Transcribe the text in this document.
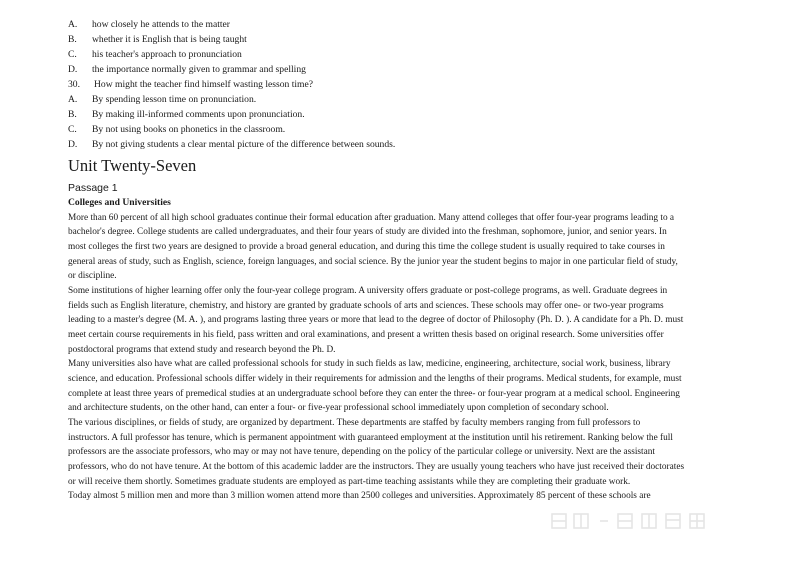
A. how closely he attends to the matter
B. whether it is English that is being taught
C. his teacher's approach to pronunciation
D. the importance normally given to grammar and spelling
30. How might the teacher find himself wasting lesson time?
A. By spending lesson time on pronunciation.
B. By making ill-informed comments upon pronunciation.
C. By not using books on phonetics in the classroom.
D. By not giving students a clear mental picture of the difference between sounds.
Unit Twenty-Seven
Passage 1
Colleges and Universities
More than 60 percent of all high school graduates continue their formal education after graduation. Many attend colleges that offer four-year programs leading to a
bachelor's degree. College students are called undergraduates, and their four years of study are divided into the freshman, sophomore, junior, and senior years. In
most colleges the first two years are designed to provide a broad general education, and during this time the college student is usually required to take courses in
general areas of study, such as English, science, foreign languages, and social science. By the junior year the student begins to major in one particular field of study,
or discipline.
Some institutions of higher learning offer only the four-year college program. A university offers graduate or post-college programs, as well. Graduate degrees in
fields such as English literature, chemistry, and history are granted by graduate schools of arts and sciences. These schools may offer one- or two-year programs
leading to a master's degree (M. A. ), and programs lasting three years or more that lead to the degree of doctor of Philosophy (Ph. D. ). A candidate for a Ph. D. must
meet certain course requirements in his field, pass written and oral examinations, and present a written thesis based on original research. Some universities offer
postdoctoral programs that extend study and research beyond the Ph. D.
Many universities also have what are called professional schools for study in such fields as law, medicine, engineering, architecture, social work, business, library
science, and education. Professional schools differ widely in their requirements for admission and the lengths of their programs. Medical students, for example, must
complete at least three years of premedical studies at an undergraduate school before they can enter the three- or four-year program at a medical school. Engineering
and architecture students, on the other hand, can enter a four- or five-year professional school immediately upon completion of secondary school.
The various disciplines, or fields of study, are organized by department. These departments are staffed by faculty members ranging from full professors to
instructors. A full professor has tenure, which is permanent appointment with guaranteed employment at the institution until his retirement. Ranking below the full
professors are the associate professors, who may or may not have tenure, depending on the policy of the particular college or university. Next are the assistant
professors, who do not have tenure. At the bottom of this academic ladder are the instructors. They are usually young teachers who have just received their doctorates
or will receive them shortly. Sometimes graduate students are employed as part-time teaching assistants while they are completing their graduate work.
Today almost 5 million men and more than 3 million women attend more than 2500 colleges and universities. Approximately 85 percent of these schools are
